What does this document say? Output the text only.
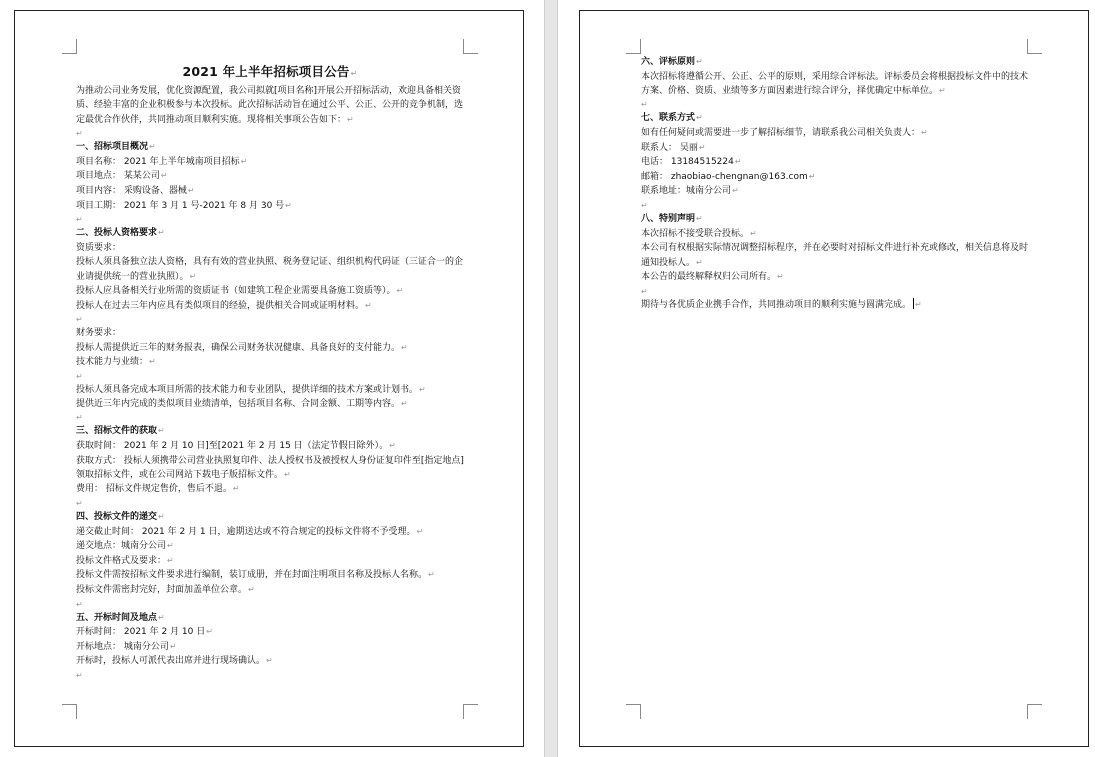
2021 年上半年招标项目公告↵
为推动公司业务发展，优化资源配置，我公司拟就[项目名称]开展公开招标活动，欢迎具备相关资质、经验丰富的企业积极参与本次投标。此次招标活动旨在通过公平、公正、公开的竞争机制，选定最优合作伙伴，共同推动项目顺利实施。现将相关事项公告如下：↵
↵
一、招标项目概况↵
项目名称： 2021 年上半年城南项目招标↵
项目地点： 某某公司↵
项目内容： 采购设备、器械↵
项目工期： 2021 年 3 月 1 号-2021 年 8 月 30 号↵
↵
二、投标人资格要求↵
资质要求：
投标人须具备独立法人资格，具有有效的营业执照、税务登记证、组织机构代码证（三证合一的企业请提供统一的营业执照）。↵
投标人应具备相关行业所需的资质证书（如建筑工程企业需要具备施工资质等）。↵
投标人在过去三年内应具有类似项目的经验，提供相关合同或证明材料。↵
↵
财务要求：
投标人需提供近三年的财务报表，确保公司财务状况健康、具备良好的支付能力。↵
技术能力与业绩：↵
↵
投标人须具备完成本项目所需的技术能力和专业团队，提供详细的技术方案或计划书。↵
提供近三年内完成的类似项目业绩清单，包括项目名称、合同金额、工期等内容。↵
↵
三、招标文件的获取↵
获取时间： 2021 年 2 月 10 日]至[2021 年 2 月 15 日（法定节假日除外）。↵
获取方式： 投标人须携带公司营业执照复印件、法人授权书及被授权人身份证复印件至[指定地点]领取招标文件，或在公司网站下载电子版招标文件。↵
费用： 招标文件规定售价，售后不退。↵
↵
四、投标文件的递交↵
递交截止时间： 2021 年 2 月 1 日，逾期送达或不符合规定的投标文件将不予受理。↵
递交地点：城南分公司↵
投标文件格式及要求：↵
投标文件需按招标文件要求进行编制，装订成册，并在封面注明项目名称及投标人名称。↵
投标文件需密封完好，封面加盖单位公章。↵
↵
五、开标时间及地点↵
开标时间： 2021 年 2 月 10 日↵
开标地点： 城南分公司↵
开标时，投标人可派代表出席并进行现场确认。↵
↵
六、评标原则↵
本次招标将遵循公开、公正、公平的原则，采用综合评标法。评标委员会将根据投标文件中的技术方案、价格、资质、业绩等多方面因素进行综合评分，择优确定中标单位。↵
↵
七、联系方式↵
如有任何疑问或需要进一步了解招标细节，请联系我公司相关负责人：↵
联系人： 吴丽↵
电话： 13184515224↵
邮箱： zhaobiao-chengnan@163.com↵
联系地址：城南分公司↵
↵
八、特别声明↵
本次招标不接受联合投标。↵
本公司有权根据实际情况调整招标程序，并在必要时对招标文件进行补充或修改，相关信息将及时通知投标人。↵
本公告的最终解释权归公司所有。↵
↵
期待与各优质企业携手合作，共同推动项目的顺利实施与圆满完成。 ↵
